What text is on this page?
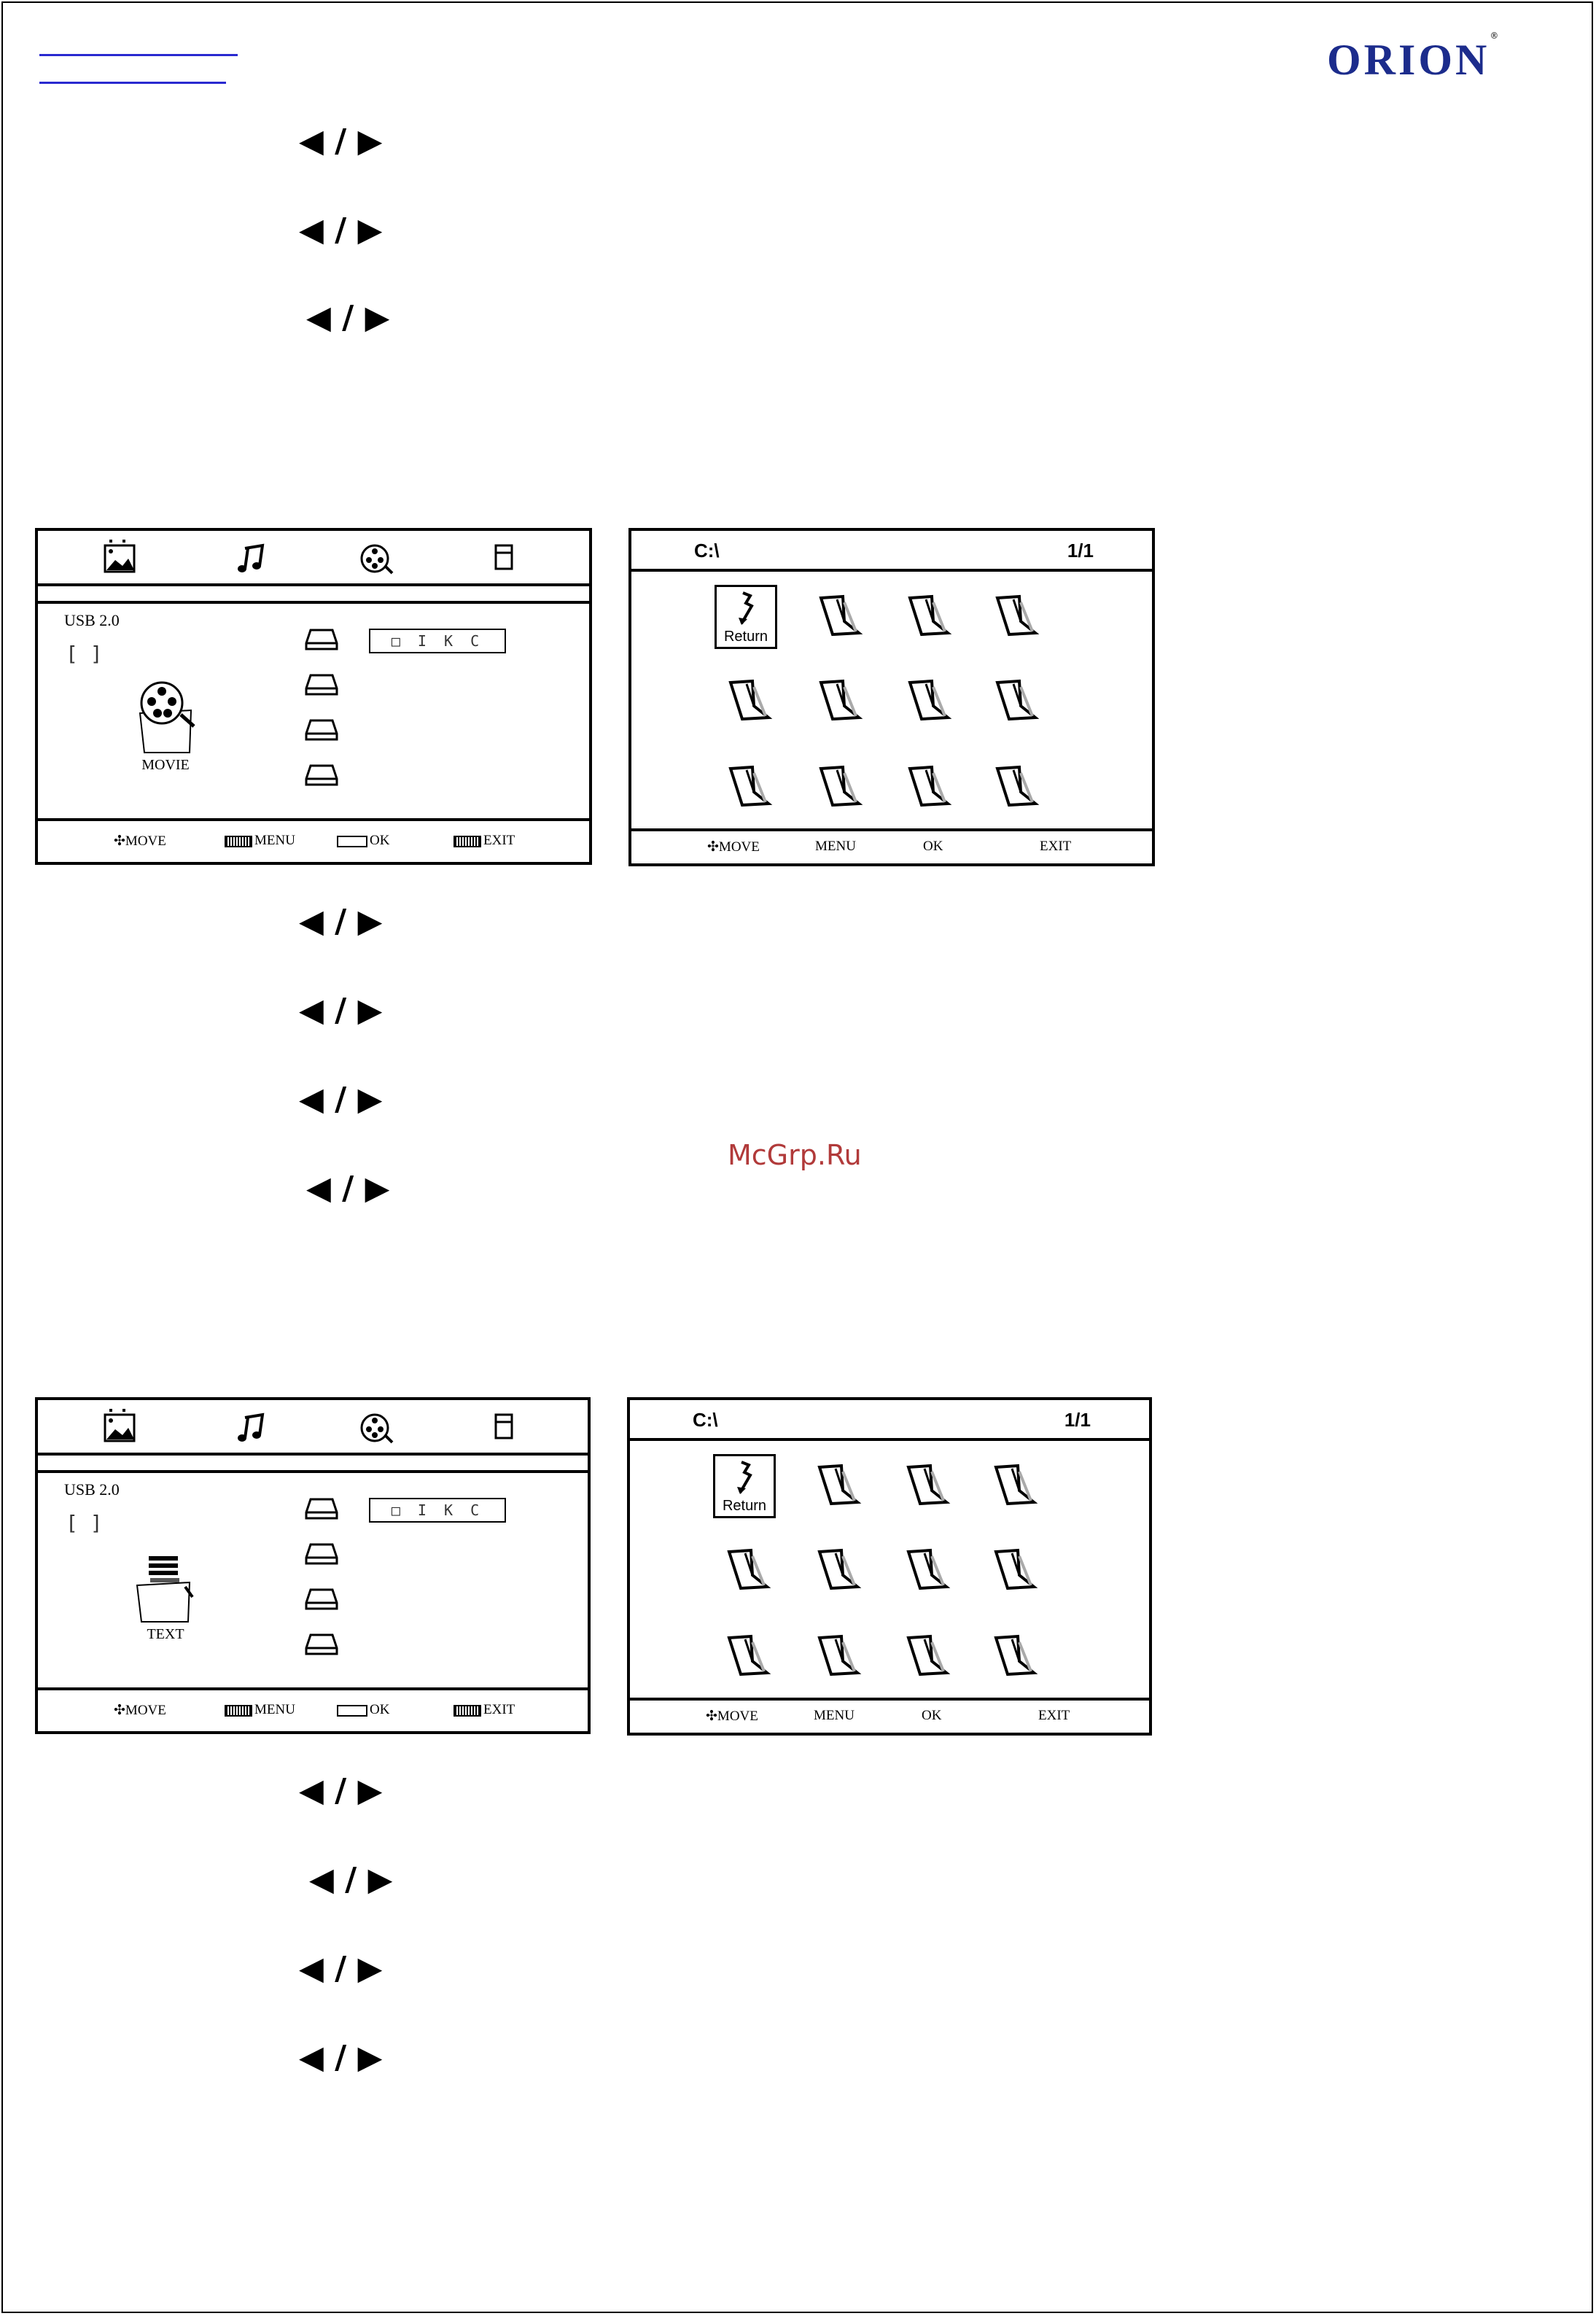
ORION®
◀ / ▶
◀ / ▶
◀ / ▶
◀ / ▶
◀ / ▶
◀ / ▶
◀ / ▶
McGrp.Ru
◀ / ▶
◀ / ▶
◀ / ▶
◀ / ▶
USB 2.0
[ ]
□ I K C
MOVIE
✣MOVE	MENU	OK	EXIT
C:\	1/1
Return
✣MOVE	MENU	OK	EXIT
USB 2.0
[ ]
□ I K C
TEXT
✣MOVE	MENU	OK	EXIT
C:\	1/1
Return
✣MOVE	MENU	OK	EXIT
